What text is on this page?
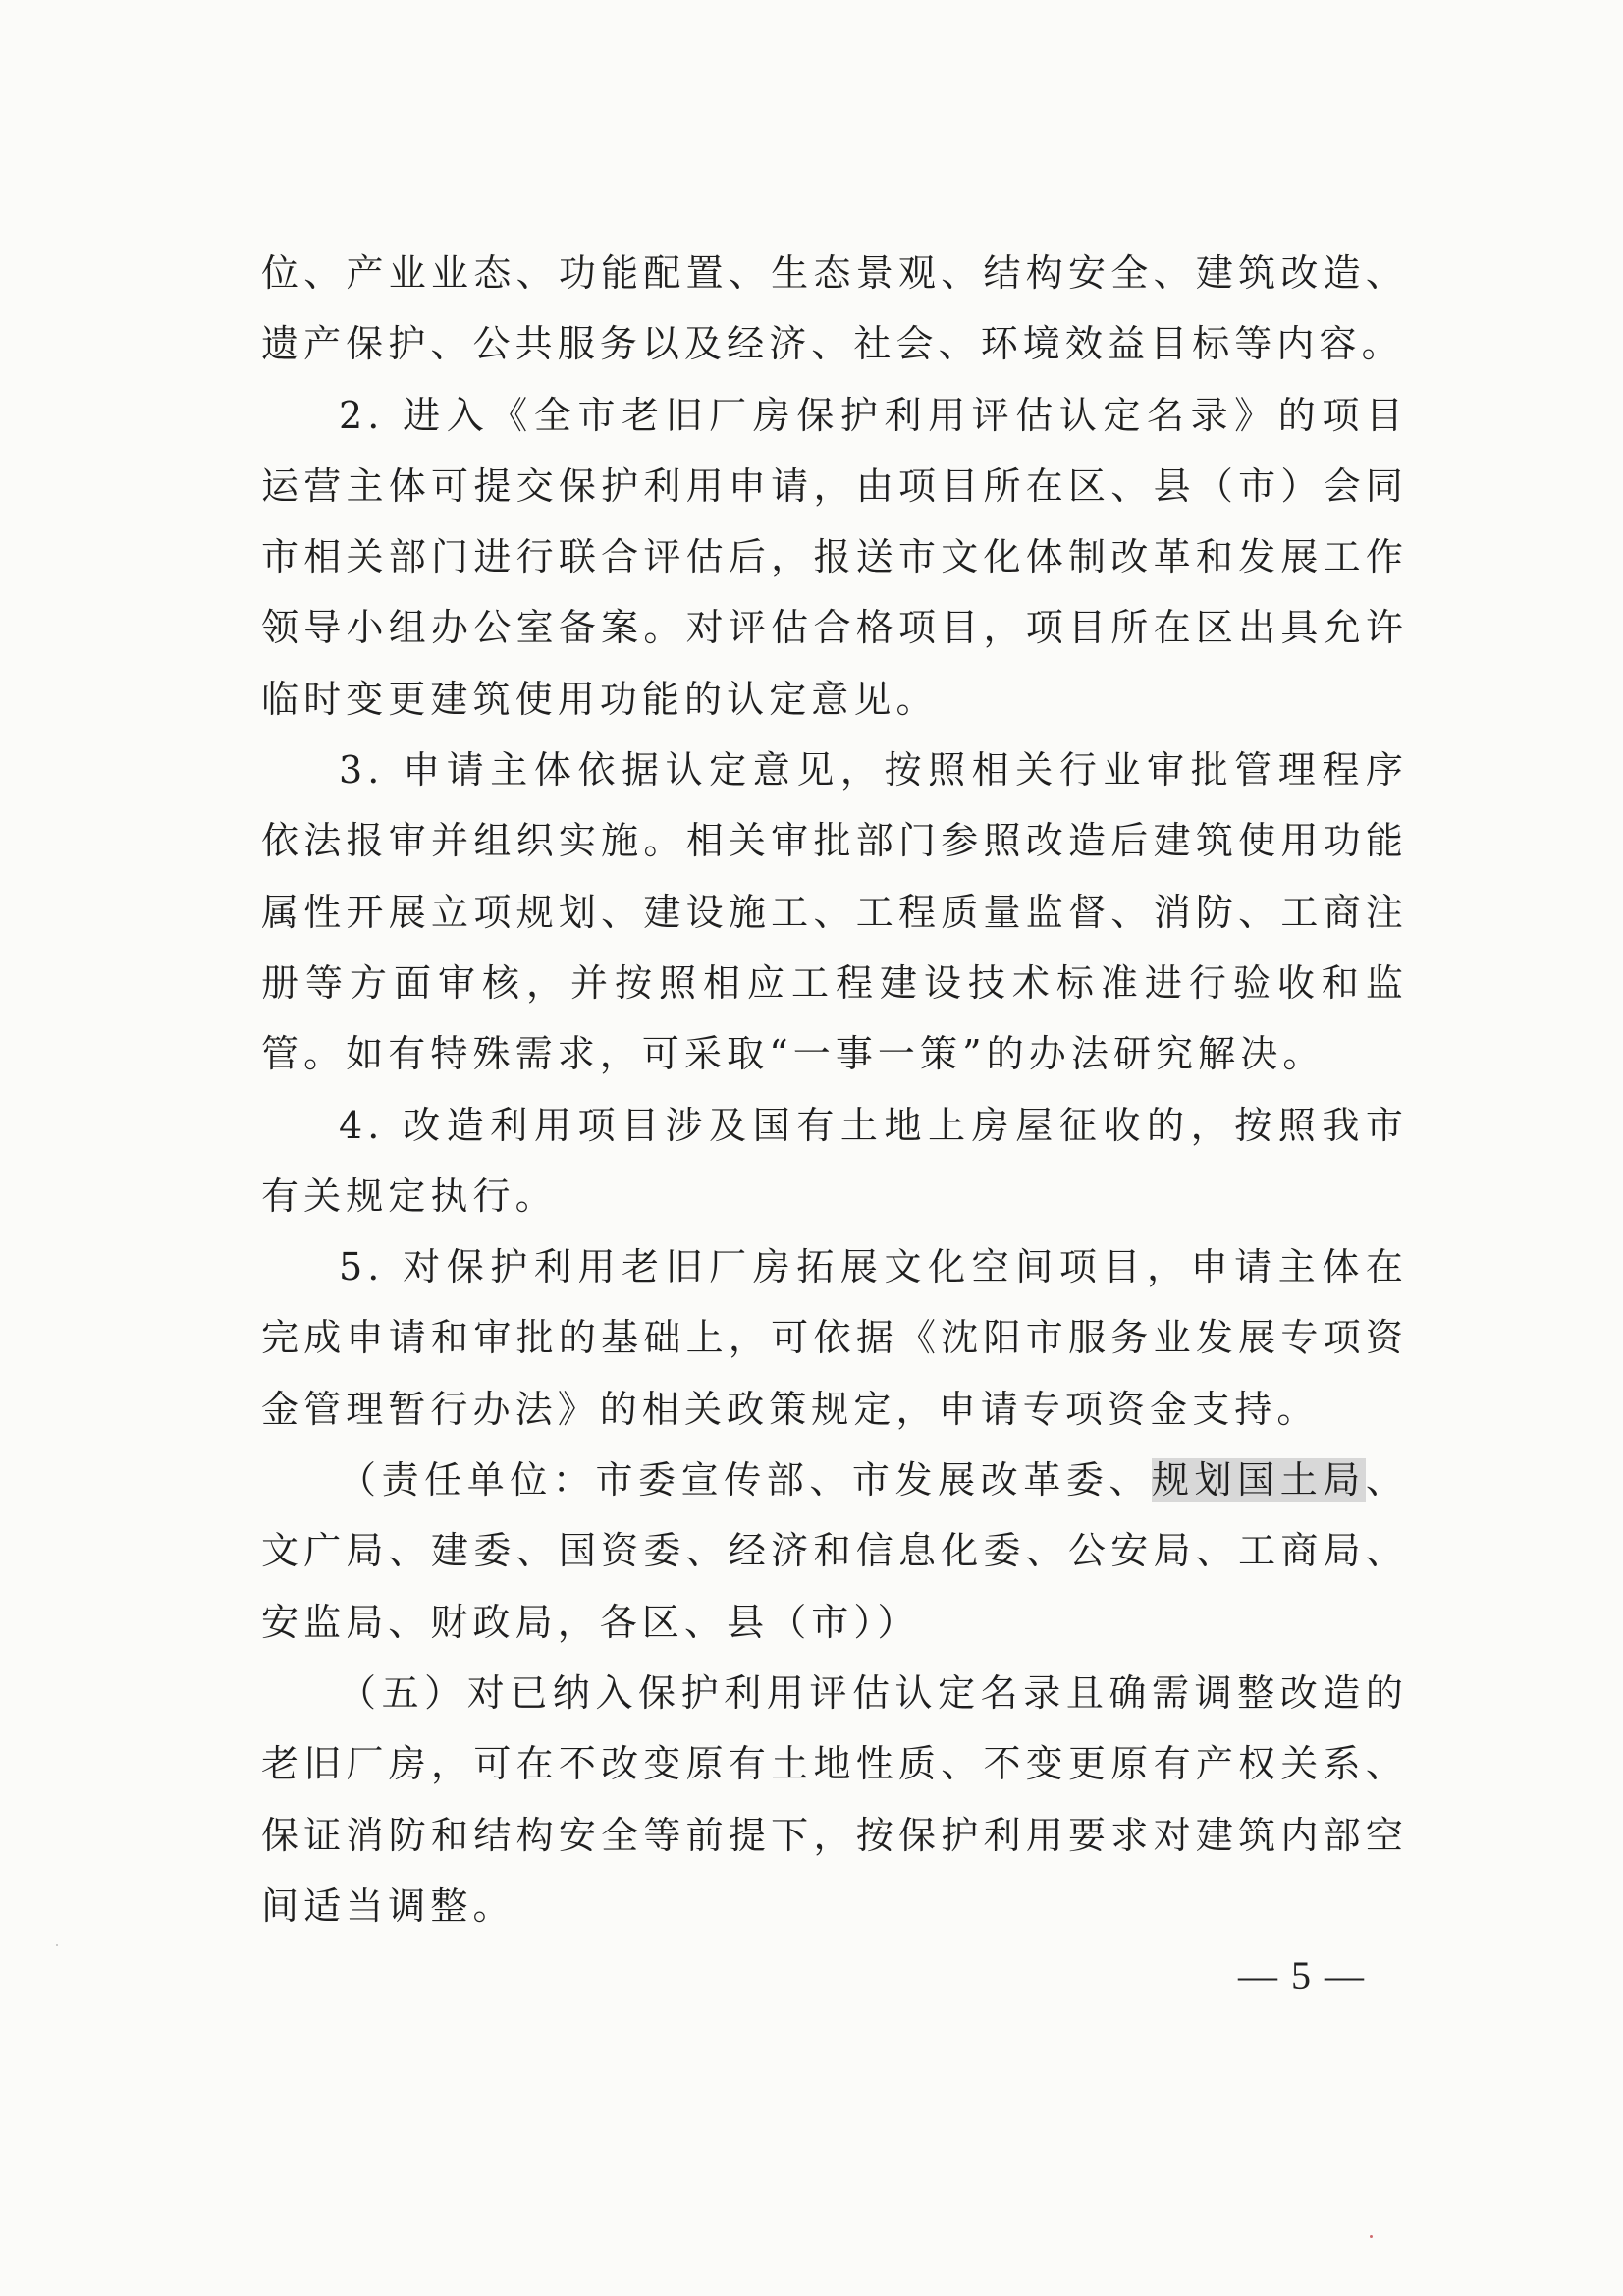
位、产业业态、功能配置、生态景观、结构安全、建筑改造、遗产保护、公共服务以及经济、社会、环境效益目标等内容。

2. 进入《全市老旧厂房保护利用评估认定名录》的项目运营主体可提交保护利用申请，由项目所在区、县（市）会同市相关部门进行联合评估后，报送市文化体制改革和发展工作领导小组办公室备案。对评估合格项目，项目所在区出具允许临时变更建筑使用功能的认定意见。

3. 申请主体依据认定意见，按照相关行业审批管理程序依法报审并组织实施。相关审批部门参照改造后建筑使用功能属性开展立项规划、建设施工、工程质量监督、消防、工商注册等方面审核，并按照相应工程建设技术标准进行验收和监管。如有特殊需求，可采取“一事一策”的办法研究解决。

4. 改造利用项目涉及国有土地上房屋征收的，按照我市有关规定执行。

5. 对保护利用老旧厂房拓展文化空间项目，申请主体在完成申请和审批的基础上，可依据《沈阳市服务业发展专项资金管理暂行办法》的相关政策规定，申请专项资金支持。

（责任单位：市委宣传部、市发展改革委、规划国土局、文广局、建委、国资委、经济和信息化委、公安局、工商局、安监局、财政局，各区、县（市））

（五）对已纳入保护利用评估认定名录且确需调整改造的老旧厂房，可在不改变原有土地性质、不变更原有产权关系、保证消防和结构安全等前提下，按保护利用要求对建筑内部空间适当调整。

— 5 —
